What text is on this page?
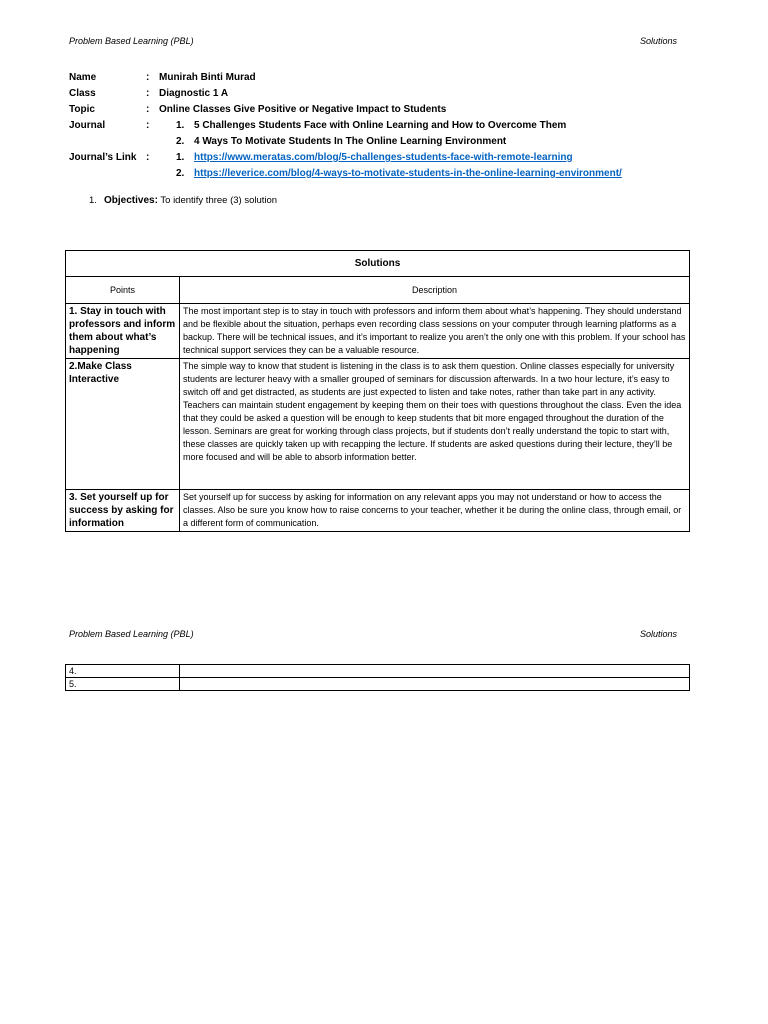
Problem Based Learning (PBL)	Solutions
Name	: Munirah Binti Murad
Class	: Diagnostic 1 A
Topic	: Online Classes Give Positive or Negative Impact to Students
Journal	:	1. 5 Challenges Students Face with Online Learning and How to Overcome Them
2. 4 Ways To Motivate Students In The Online Learning Environment
Journal’s Link :	1. https://www.meratas.com/blog/5-challenges-students-face-with-remote-learning
2. https://leverice.com/blog/4-ways-to-motivate-students-in-the-online-learning-environment/
1. Objectives: To identify three (3) solution
Solutions	
Points	Description
1. Stay in touch with professors and inform them about what’s happening	The most important step is to stay in touch with professors and inform them about what’s happening. They should understand and be flexible about the situation, perhaps even recording class sessions on your computer through learning platforms as a backup. There will be technical issues, and it’s important to realize you aren’t the only one with this problem. If your school has technical support services they can be a valuable resource.
2.Make Class Interactive	The simple way to know that student is listening in the class is to ask them question. Online classes especially for university students are lecturer heavy with a smaller grouped of seminars for discussion afterwards. In a two hour lecture, it’s easy to switch off and get distracted, as students are just expected to listen and take notes, rather than take part in any activity. Teachers can maintain student engagement by keeping them on their toes with questions throughout the class. Even the idea that they could be asked a question will be enough to keep students that bit more engaged throughout the duration of the lesson. Seminars are great for working through class projects, but if students don’t really understand the topic to start with, these classes are quickly taken up with recapping the lecture. If students are asked questions during their lecture, they’ll be more focused and will be able to absorb information better.
3. Set yourself up for success by asking for information	Set yourself up for success by asking for information on any relevant apps you may not understand or how to access the classes. Also be sure you know how to raise concerns to your teacher, whether it be during the online class, through email, or a different form of communication.
Problem Based Learning (PBL)	Solutions
4.	
5.	
